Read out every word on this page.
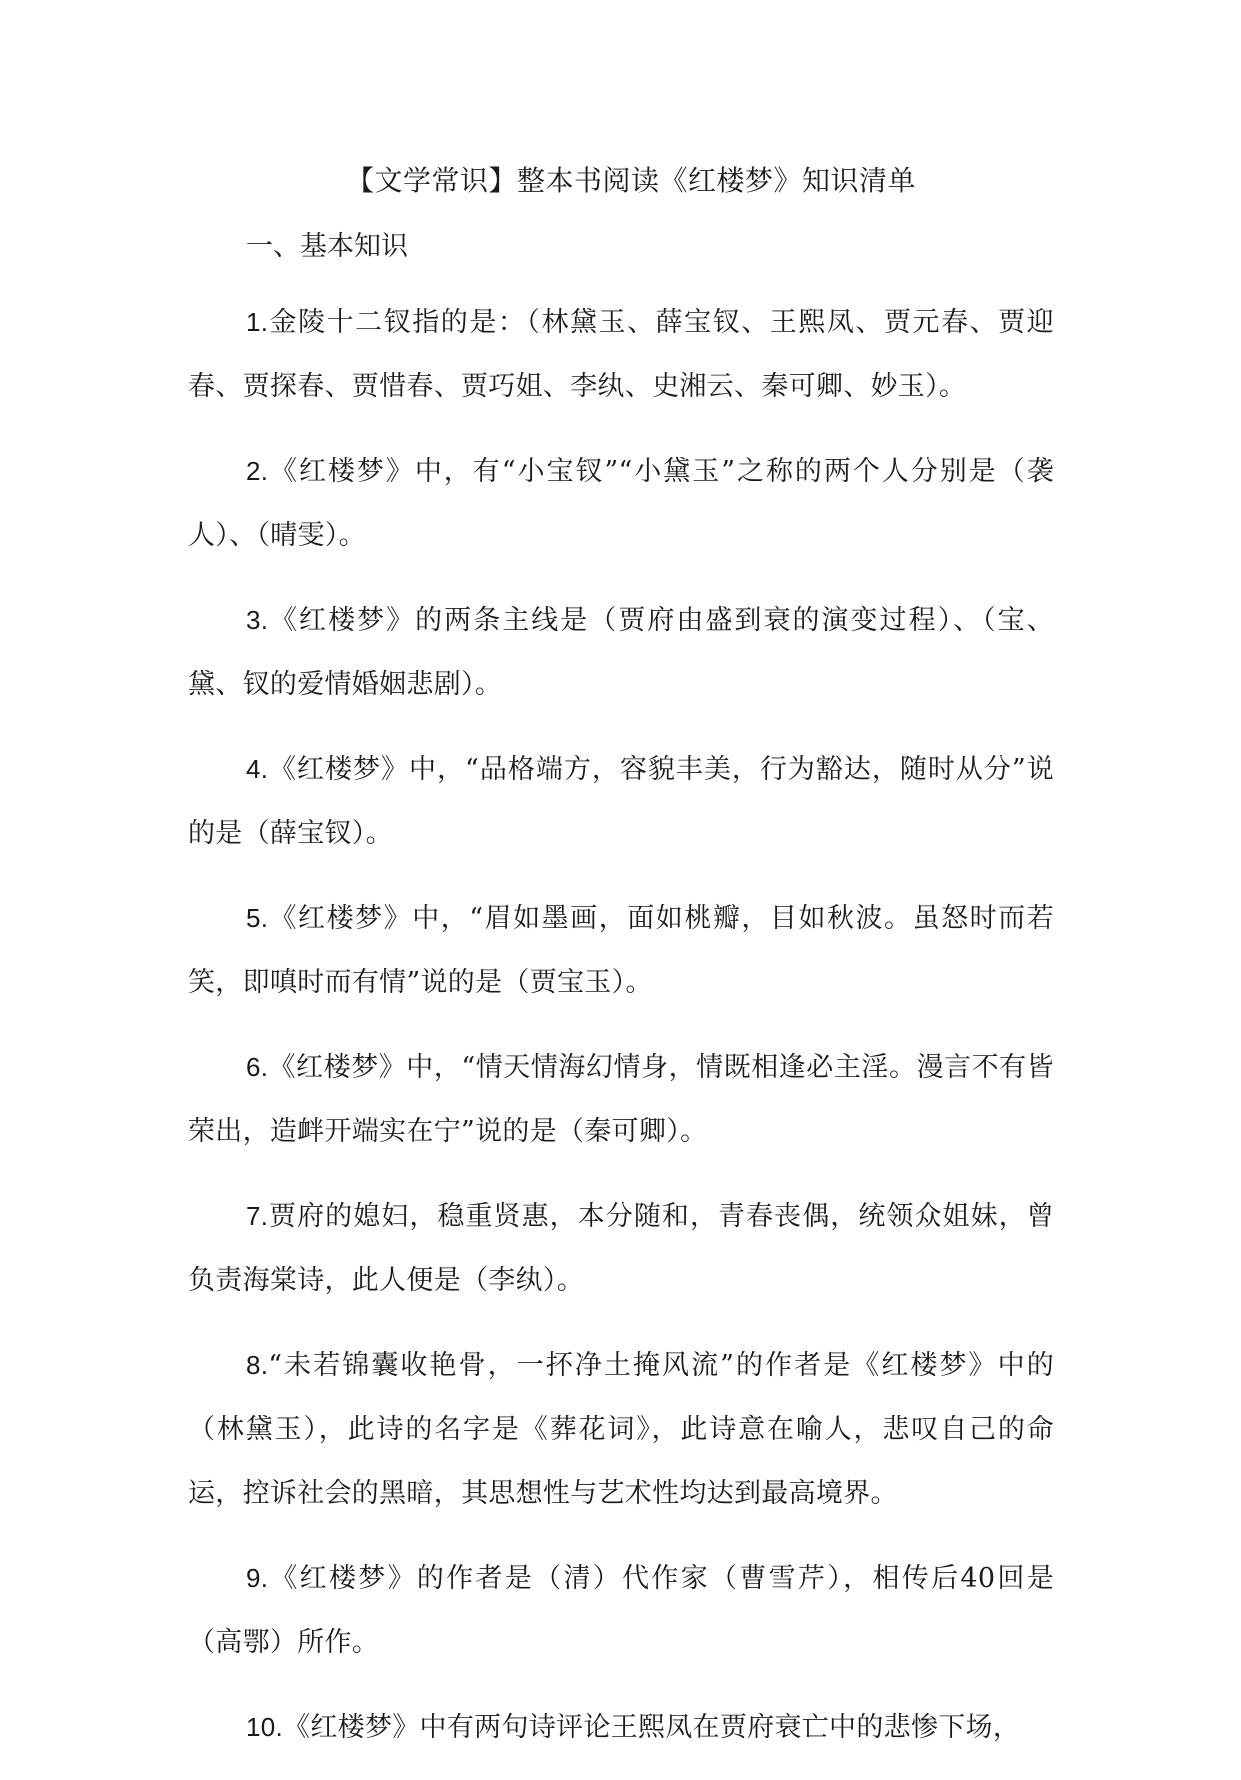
【文学常识】整本书阅读《红楼梦》知识清单

一、基本知识

1.金陵十二钗指的是：（林黛玉、薛宝钗、王熙凤、贾元春、贾迎春、贾探春、贾惜春、贾巧姐、李纨、史湘云、秦可卿、妙玉）。

2.《红楼梦》中，有“小宝钗”“小黛玉”之称的两个人分别是（袭人）、（晴雯）。

3.《红楼梦》的两条主线是（贾府由盛到衰的演变过程）、（宝、黛、钗的爱情婚姻悲剧）。

4.《红楼梦》中，“品格端方，容貌丰美，行为豁达，随时从分”说的是（薛宝钗）。

5.《红楼梦》中，“眉如墨画，面如桃瓣，目如秋波。虽怒时而若笑，即嗔时而有情”说的是（贾宝玉）。

6.《红楼梦》中，“情天情海幻情身，情既相逢必主淫。漫言不有皆荣出，造衅开端实在宁”说的是（秦可卿）。

7.贾府的媳妇，稳重贤惠，本分随和，青春丧偶，统领众姐妹，曾负责海棠诗，此人便是（李纨）。

8.“未若锦囊收艳骨，一抔净土掩风流”的作者是《红楼梦》中的（林黛玉），此诗的名字是《葬花词》，此诗意在喻人，悲叹自己的命运，控诉社会的黑暗，其思想性与艺术性均达到最高境界。

9.《红楼梦》的作者是（清）代作家（曹雪芹），相传后40回是（高鄂）所作。

10.《红楼梦》中有两句诗评论王熙凤在贾府衰亡中的悲惨下场，
